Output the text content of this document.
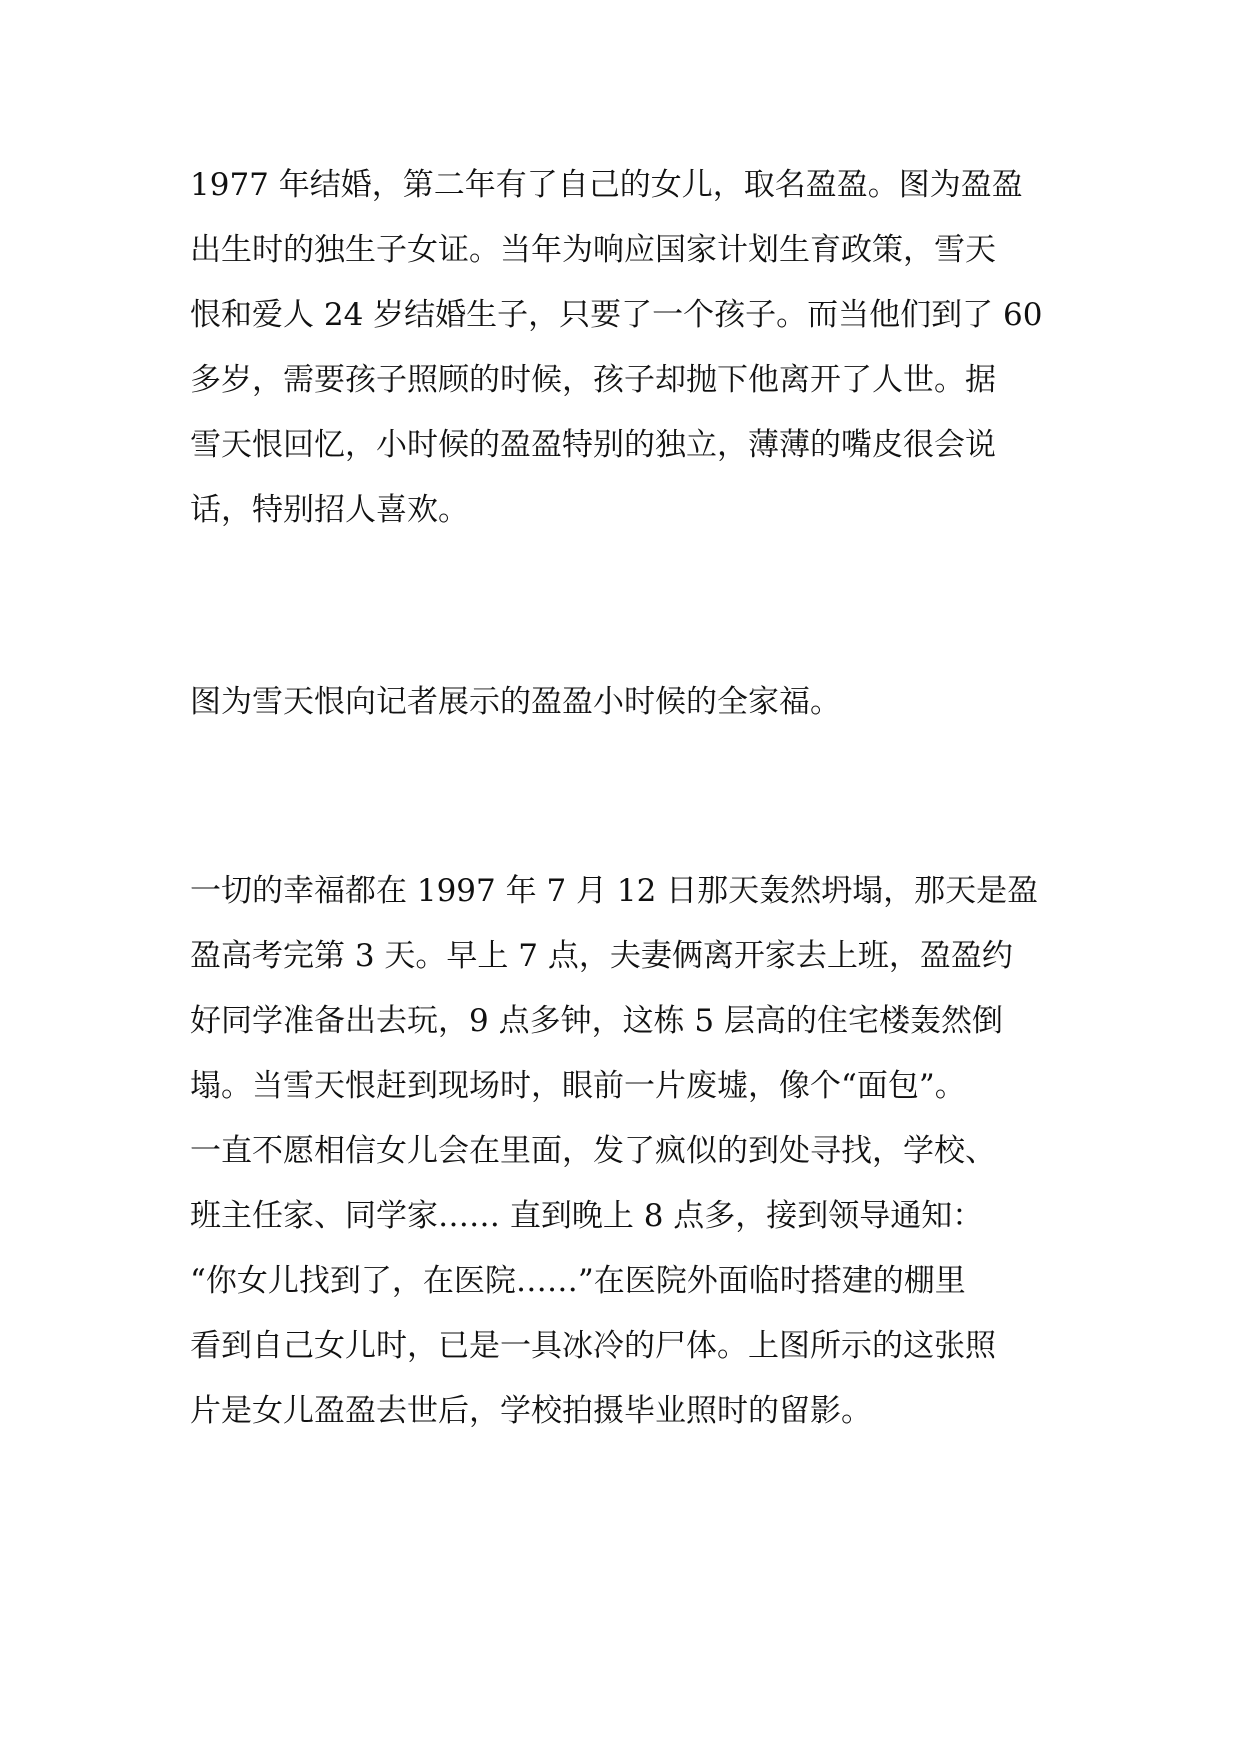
1977 年结婚，第二年有了自己的女儿，取名盈盈。图为盈盈
出生时的独生子女证。当年为响应国家计划生育政策，雪天
恨和爱人 24 岁结婚生子，只要了一个孩子。而当他们到了 60
多岁，需要孩子照顾的时候，孩子却抛下他离开了人世。据
雪天恨回忆，小时候的盈盈特别的独立，薄薄的嘴皮很会说
话，特别招人喜欢。
图为雪天恨向记者展示的盈盈小时候的全家福。
一切的幸福都在 1997 年 7 月 12 日那天轰然坍塌，那天是盈
盈高考完第 3 天。早上 7 点，夫妻俩离开家去上班，盈盈约
好同学准备出去玩，9 点多钟，这栋 5 层高的住宅楼轰然倒
塌。当雪天恨赶到现场时，眼前一片废墟，像个“面包”。
一直不愿相信女儿会在里面，发了疯似的到处寻找，学校、
班主任家、同学家…… 直到晚上 8 点多，接到领导通知：
“你女儿找到了，在医院……”在医院外面临时搭建的棚里
看到自己女儿时，已是一具冰冷的尸体。上图所示的这张照
片是女儿盈盈去世后，学校拍摄毕业照时的留影。
